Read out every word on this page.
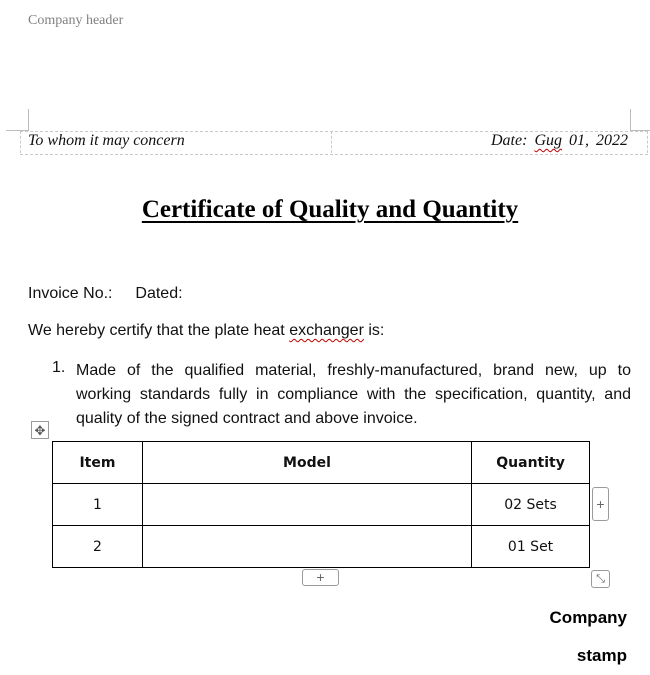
Company header
To whom it may concern	Date: Gug 01, 2022
Certificate of Quality and Quantity
Invoice No.: Dated:
We hereby certify that the plate heat exchanger is:
1. Made of the qualified material, freshly-manufactured, brand new, up to working standards fully in compliance with the specification, quantity, and quality of the signed contract and above invoice.
✥
Item	Model	Quantity
1		02 Sets
2		01 Set
+
+	⤡
Company
stamp
